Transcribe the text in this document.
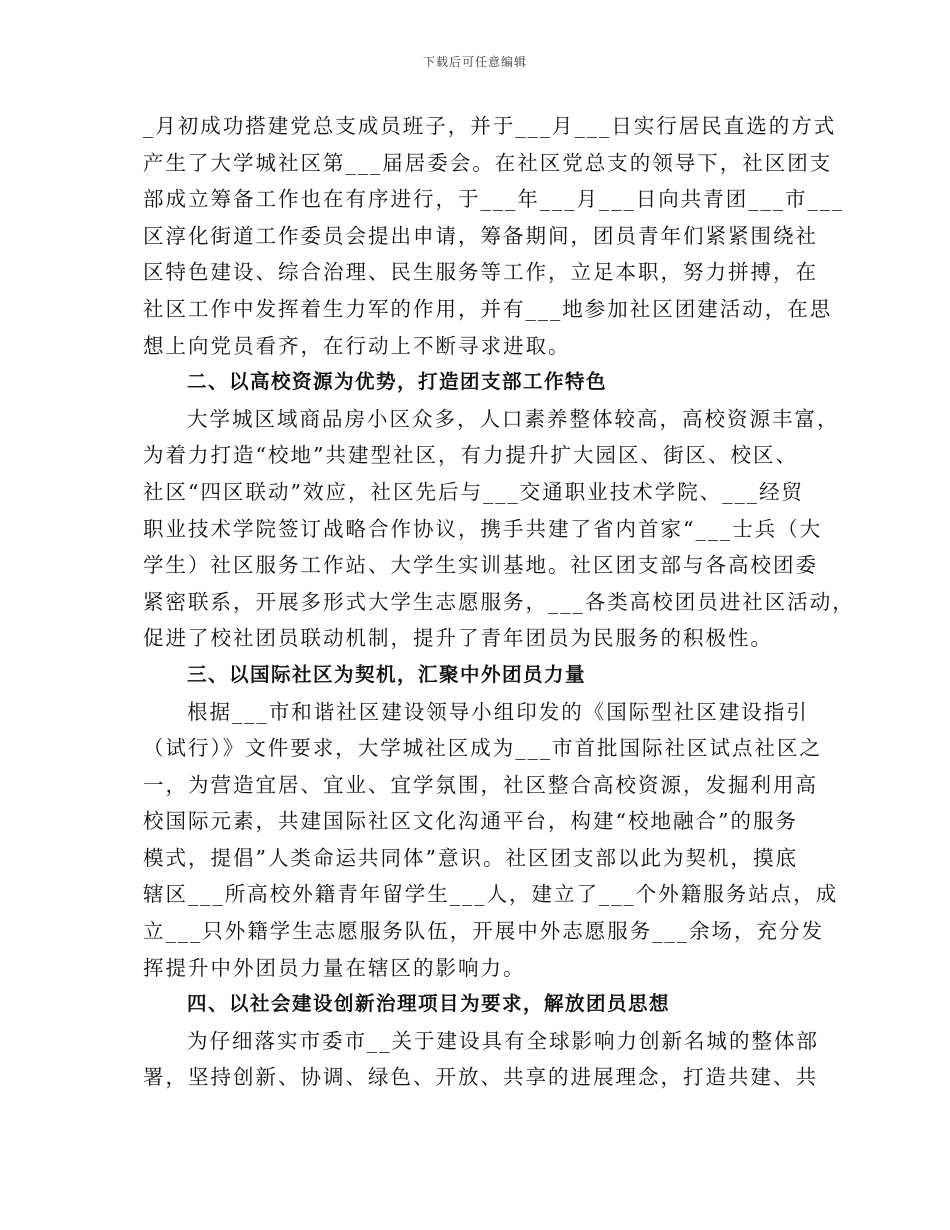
下载后可任意编辑
_月初成功搭建党总支成员班子，并于___月___日实行居民直选的方式
产生了大学城社区第___届居委会。在社区党总支的领导下，社区团支
部成立筹备工作也在有序进行，于___年___月___日向共青团___市___
区淳化街道工作委员会提出申请，筹备期间，团员青年们紧紧围绕社
区特色建设、综合治理、民生服务等工作，立足本职，努力拼搏，在
社区工作中发挥着生力军的作用，并有___地参加社区团建活动，在思
想上向党员看齐，在行动上不断寻求进取。
二、以高校资源为优势，打造团支部工作特色
大学城区域商品房小区众多，人口素养整体较高，高校资源丰富，
为着力打造“校地”共建型社区，有力提升扩大园区、街区、校区、
社区“四区联动”效应，社区先后与___交通职业技术学院、___经贸
职业技术学院签订战略合作协议，携手共建了省内首家“___士兵（大
学生）社区服务工作站、大学生实训基地。社区团支部与各高校团委
紧密联系，开展多形式大学生志愿服务，___各类高校团员进社区活动，
促进了校社团员联动机制，提升了青年团员为民服务的积极性。
三、以国际社区为契机，汇聚中外团员力量
根据___市和谐社区建设领导小组印发的《国际型社区建设指引
（试行）》文件要求，大学城社区成为___市首批国际社区试点社区之
一，为营造宜居、宜业、宜学氛围，社区整合高校资源，发掘利用高
校国际元素，共建国际社区文化沟通平台，构建“校地融合”的服务
模式，提倡”人类命运共同体”意识。社区团支部以此为契机，摸底
辖区___所高校外籍青年留学生___人，建立了___个外籍服务站点，成
立___只外籍学生志愿服务队伍，开展中外志愿服务___余场，充分发
挥提升中外团员力量在辖区的影响力。
四、以社会建设创新治理项目为要求，解放团员思想
为仔细落实市委市__关于建设具有全球影响力创新名城的整体部
署，坚持创新、协调、绿色、开放、共享的进展理念，打造共建、共
